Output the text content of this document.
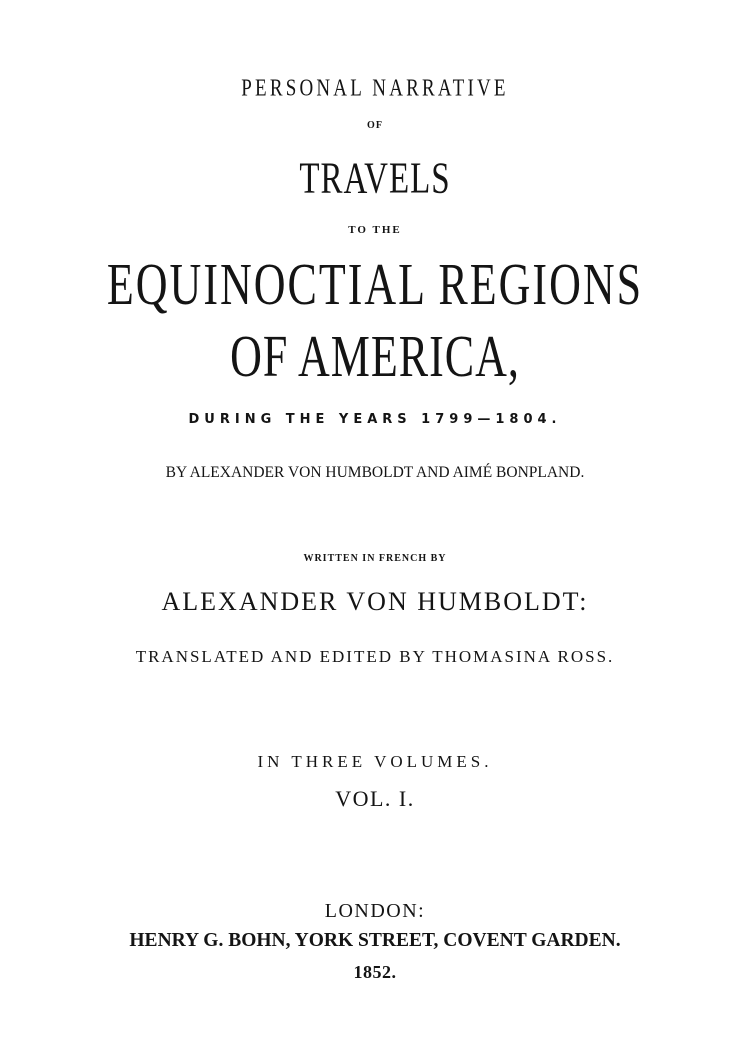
PERSONAL NARRATIVE

OF

TRAVELS

TO THE

EQUINOCTIAL REGIONS

OF AMERICA,

DURING THE YEARS 1799—1804.

BY ALEXANDER VON HUMBOLDT AND AIMÉ BONPLAND.

WRITTEN IN FRENCH BY

ALEXANDER VON HUMBOLDT:

TRANSLATED AND EDITED BY THOMASINA ROSS.

IN THREE VOLUMES.

VOL. I.

LONDON:

HENRY G. BOHN, YORK STREET, COVENT GARDEN.

1852.
